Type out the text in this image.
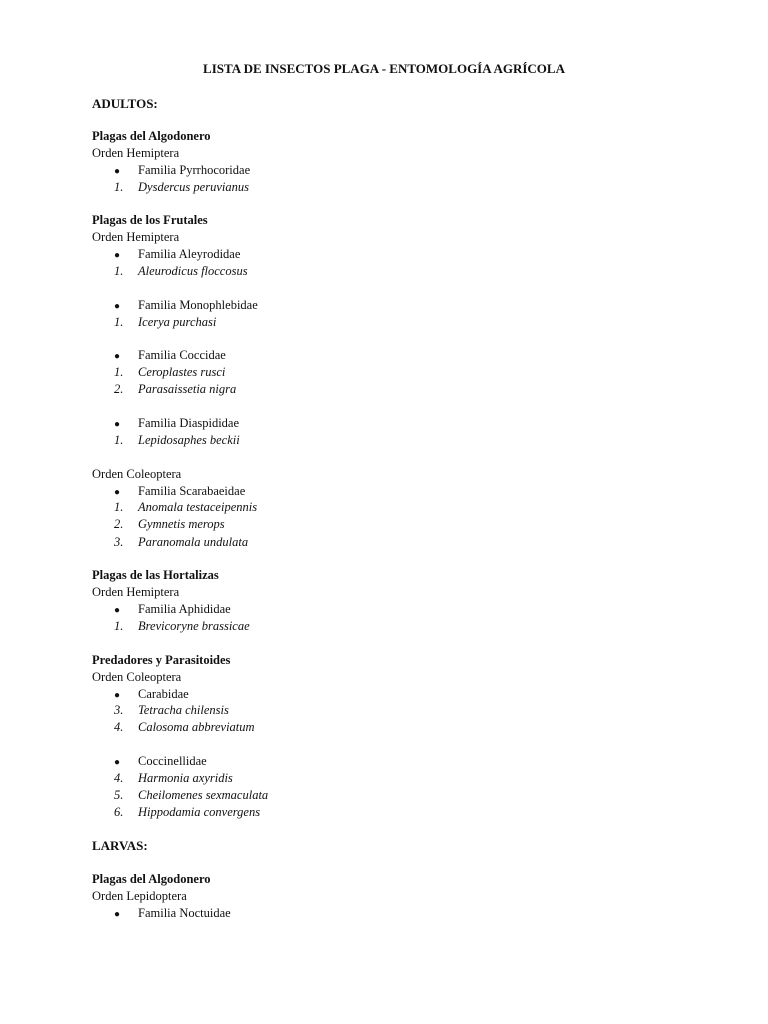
LISTA DE INSECTOS PLAGA - ENTOMOLOGÍA AGRÍCOLA
ADULTOS:
Plagas del Algodonero
Orden Hemiptera
● Familia Pyrrhocoridae
1. Dysdercus peruvianus
Plagas de los Frutales
Orden Hemiptera
● Familia Aleyrodidae
1. Aleurodicus floccosus
● Familia Monophlebidae
1. Icerya purchasi
● Familia Coccidae
1. Ceroplastes rusci
2. Parasaissetia nigra
● Familia Diaspididae
1. Lepidosaphes beckii
Orden Coleoptera
● Familia Scarabaeidae
1. Anomala testaceipennis
2. Gymnetis merops
3. Paranomala undulata
Plagas de las Hortalizas
Orden Hemiptera
● Familia Aphididae
1. Brevicoryne brassicae
Predadores y Parasitoides
Orden Coleoptera
● Carabidae
3. Tetracha chilensis
4. Calosoma abbreviatum
● Coccinellidae
4. Harmonia axyridis
5. Cheilomenes sexmaculata
6. Hippodamia convergens
LARVAS:
Plagas del Algodonero
Orden Lepidoptera
● Familia Noctuidae
